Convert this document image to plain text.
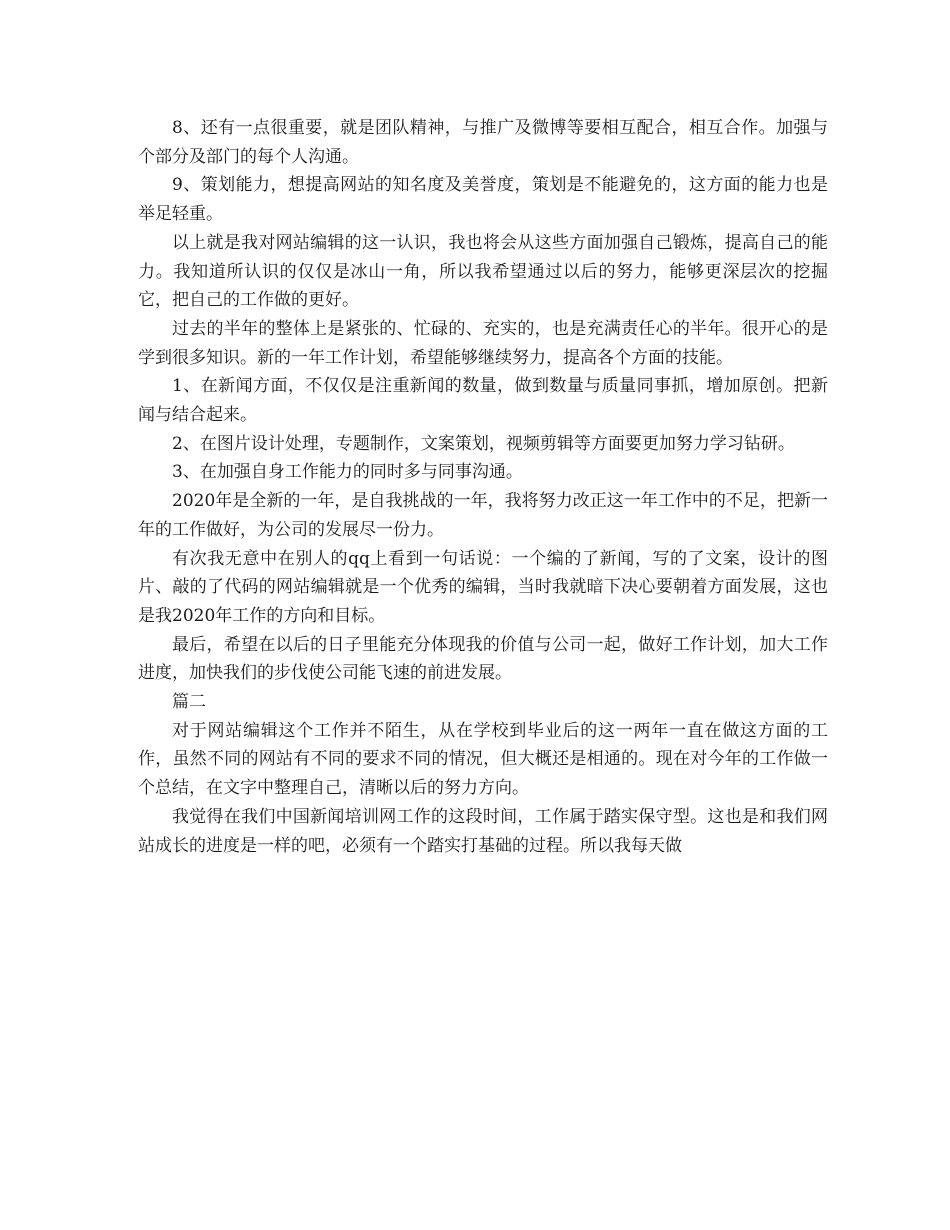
8、还有一点很重要，就是团队精神，与推广及微博等要相互配合，相互合作。加强与个部分及部门的每个人沟通。

9、策划能力，想提高网站的知名度及美誉度，策划是不能避免的，这方面的能力也是举足轻重。

以上就是我对网站编辑的这一认识，我也将会从这些方面加强自己锻炼，提高自己的能力。我知道所认识的仅仅是冰山一角，所以我希望通过以后的努力，能够更深层次的挖掘它，把自己的工作做的更好。

过去的半年的整体上是紧张的、忙碌的、充实的，也是充满责任心的半年。很开心的是学到很多知识。新的一年工作计划，希望能够继续努力，提高各个方面的技能。

1、在新闻方面，不仅仅是注重新闻的数量，做到数量与质量同事抓，增加原创。把新闻与结合起来。

2、在图片设计处理，专题制作，文案策划，视频剪辑等方面要更加努力学习钻研。

3、在加强自身工作能力的同时多与同事沟通。

2020年是全新的一年，是自我挑战的一年，我将努力改正这一年工作中的不足，把新一年的工作做好，为公司的发展尽一份力。

有次我无意中在别人的qq上看到一句话说：一个编的了新闻，写的了文案，设计的图片、敲的了代码的网站编辑就是一个优秀的编辑，当时我就暗下决心要朝着方面发展，这也是我2020年工作的方向和目标。

最后，希望在以后的日子里能充分体现我的价值与公司一起，做好工作计划，加大工作进度，加快我们的步伐使公司能飞速的前进发展。

篇二

对于网站编辑这个工作并不陌生，从在学校到毕业后的这一两年一直在做这方面的工作，虽然不同的网站有不同的要求不同的情况，但大概还是相通的。现在对今年的工作做一个总结，在文字中整理自己，清晰以后的努力方向。

我觉得在我们中国新闻培训网工作的这段时间，工作属于踏实保守型。这也是和我们网站成长的进度是一样的吧，必须有一个踏实打基础的过程。所以我每天做
